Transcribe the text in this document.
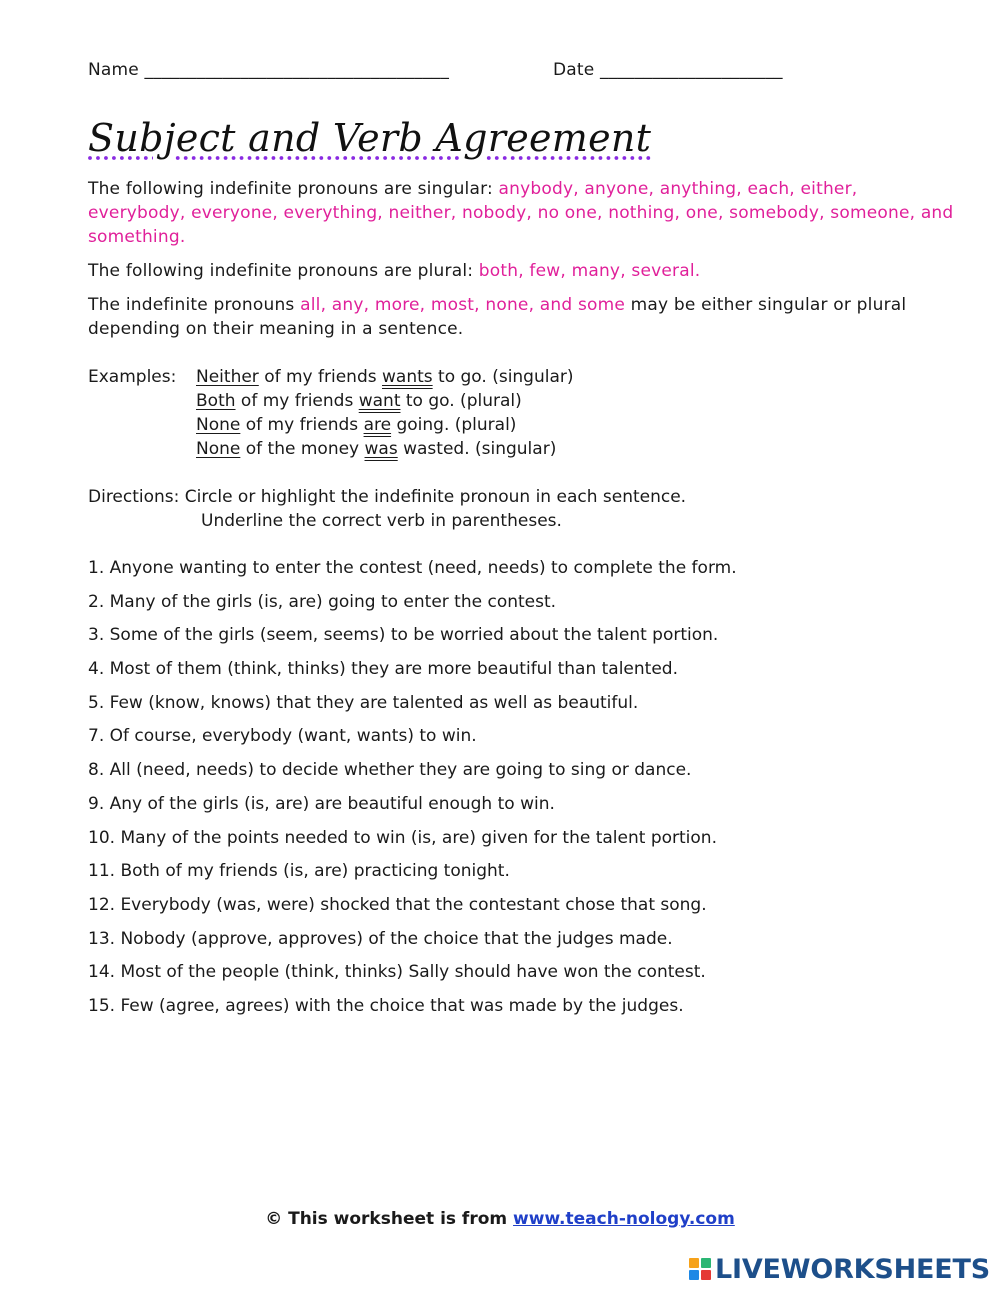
Name ___________________________________	Date _____________________
Subject and Verb Agreement
The following indefinite pronouns are singular: anybody, anyone, anything, each, either, everybody, everyone, everything, neither, nobody, no one, nothing, one, somebody, someone, and something.
The following indefinite pronouns are plural: both, few, many, several.
The indefinite pronouns all, any, more, most, none, and some may be either singular or plural depending on their meaning in a sentence.
Examples: Neither of my friends wants to go. (singular)
Both of my friends want to go. (plural)
None of my friends are going. (plural)
None of the money was wasted. (singular)
Directions: Circle or highlight the indefinite pronoun in each sentence.
Underline the correct verb in parentheses.
1. Anyone wanting to enter the contest (need, needs) to complete the form.
2. Many of the girls (is, are) going to enter the contest.
3. Some of the girls (seem, seems) to be worried about the talent portion.
4. Most of them (think, thinks) they are more beautiful than talented.
5. Few (know, knows) that they are talented as well as beautiful.
7. Of course, everybody (want, wants) to win.
8. All (need, needs) to decide whether they are going to sing or dance.
9. Any of the girls (is, are) are beautiful enough to win.
10. Many of the points needed to win (is, are) given for the talent portion.
11. Both of my friends (is, are) practicing tonight.
12. Everybody (was, were) shocked that the contestant chose that song.
13. Nobody (approve, approves) of the choice that the judges made.
14. Most of the people (think, thinks) Sally should have won the contest.
15. Few (agree, agrees) with the choice that was made by the judges.
© This worksheet is from www.teach-nology.com
LIVEWORKSHEETS
